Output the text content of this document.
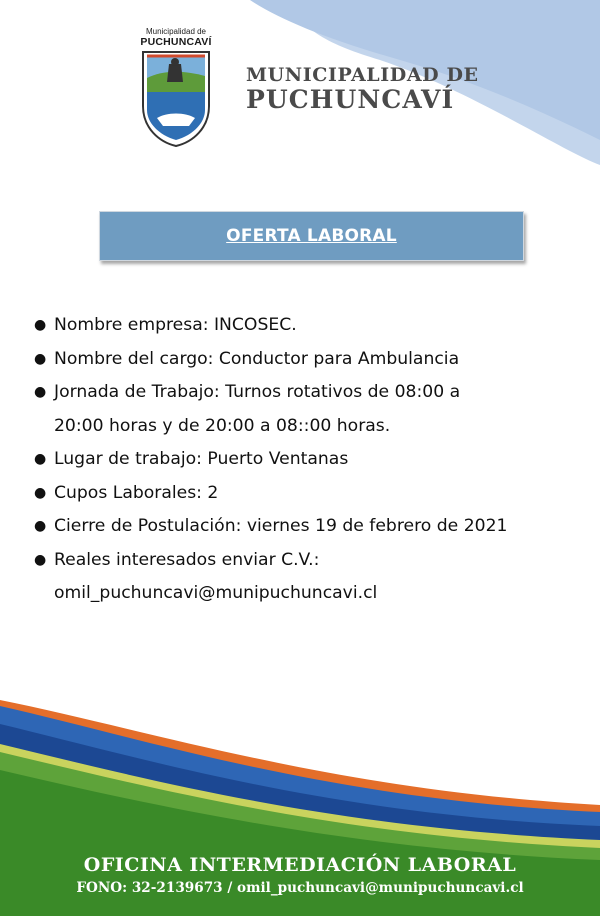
Municipalidad de
PUCHUNCAVÍ
MUNICIPALIDAD DE
PUCHUNCAVÍ
OFERTA LABORAL
● Nombre empresa: INCOSEC.
● Nombre del cargo: Conductor para Ambulancia
● Jornada de Trabajo: Turnos rotativos de 08:00 a
20:00 horas y de 20:00 a 08::00 horas.
● Lugar de trabajo: Puerto Ventanas
● Cupos Laborales: 2
● Cierre de Postulación: viernes 19 de febrero de 2021
● Reales interesados enviar C.V.:
omil_puchuncavi@munipuchuncavi.cl
OFICINA INTERMEDIACIÓN LABORAL
FONO: 32-2139673 / omil_puchuncavi@munipuchuncavi.cl
